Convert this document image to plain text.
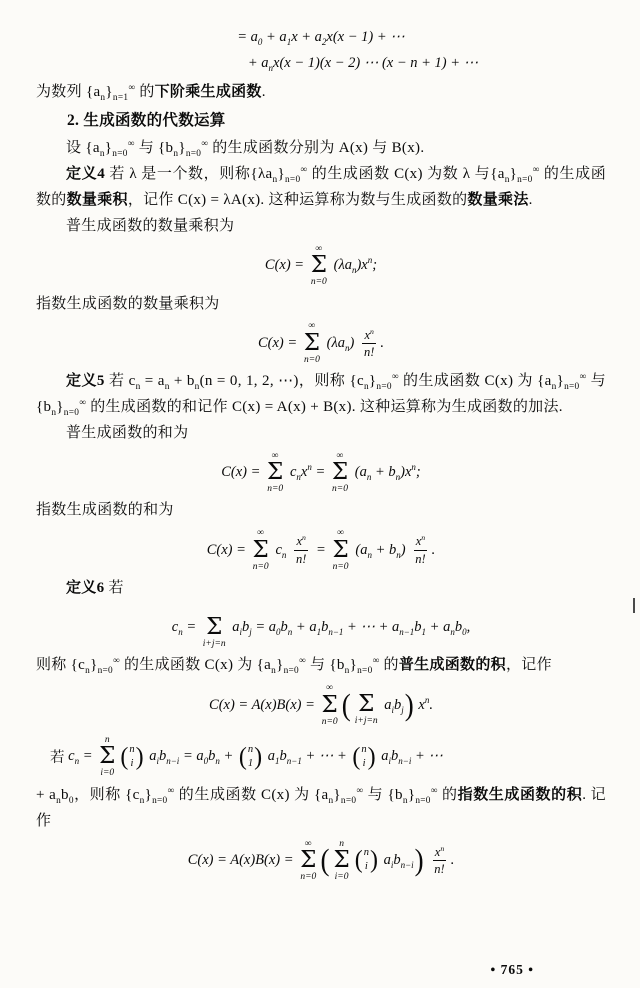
= $a_0 + a_1x + a_2x(x - 1)$ + ⋯
+ $a_nx(x - 1)(x - 2)$ ⋯ (x − n + 1) + ⋯
为数列 $\{a_n\}_{n=1}^\infty$ 的下阶乘生成函数.
2. 生成函数的代数运算
设 $\{a_n\}_{n=0}^\infty$ 与 $\{b_n\}_{n=0}^\infty$ 的生成函数分别为 A(x) 与 B(x).
定义4 若 λ 是一个数，则称$\{\lambda a_n\}_{n=0}^\infty$ 的生成函数 C(x) 为数 λ 与$\{a_n\}_{n=0}^\infty$ 的生成函数的数量乘积，记作 C(x) = λA(x). 这种运算称为数与生成函数的数量乘法.
普生成函数的数量乘积为
C(x) =
∞
Σ
n=0
$(\lambda a_n)x^n$;
指数生成函数的数量乘积为
C(x) =
∞
Σ
n=0
$(\lambda a_n) \frac{x^n}{n!}$ .
定义5 若 $c_n = a_n + b_n(n = 0$, 1, 2, ⋯)，则称 $\{c_n\}_{n=0}^\infty$ 的生成函数 C(x) 为 $\{a_n\}_{n=0}^\infty$ 与 $\{b_n\}_{n=0}^\infty$ 的生成函数的和记作 C(x) = A(x) + B(x). 这种运算称为生成函数的加法.
普生成函数的和为
C(x) =
∞
Σ
n=0
$c_nx^n$ =
∞
Σ
n=0
$(a_n + b_n)x^n$;
指数生成函数的和为
C(x) =
∞
Σ
n=0
$c_n \frac{x^n}{n!}$ =
∞
Σ
n=0
$(a_n + b_n) \frac{x^n}{n!}$ .
定义6 若
$c_n = \Sigma$
i+j=n
$a_ib_j = a_0b_n + a_1b_{n-1}$ + ⋯ + $a_{n-1}b_1 + a_nb_0$,
则称 $\{c_n\}_{n=0}^\infty$ 的生成函数 C(x) 为 $\{a_n\}_{n=0}^\infty$ 与 $\{b_n\}_{n=0}^\infty$ 的普生成函数的积，记作
C(x) = A(x)B(x) =
∞
Σ
n=0
( Σ
i+j=n
$a_ib_j$ ) $x^n$.
若 $c_n$ =
n
Σ
i=0
( n
i ) $a_ib_{n-i} = a_0b_n$ + ( n
1 ) $a_1b_{n-1}$ + ⋯ + ( n
i ) $a_ib_{n-i}$ + ⋯
+ $a_nb_0$，则称 $\{c_n\}_{n=0}^\infty$ 的生成函数 C(x) 为 $\{a_n\}_{n=0}^\infty$ 与 $\{b_n\}_{n=0}^\infty$ 的指数生成函数的积. 记作
C(x) = A(x)B(x) =
∞
Σ
n=0
( n
Σ
i=0
( n
i ) $a_ib_{n-i}$ )
$\frac{x^n}{n!}$ .
• 765 •
